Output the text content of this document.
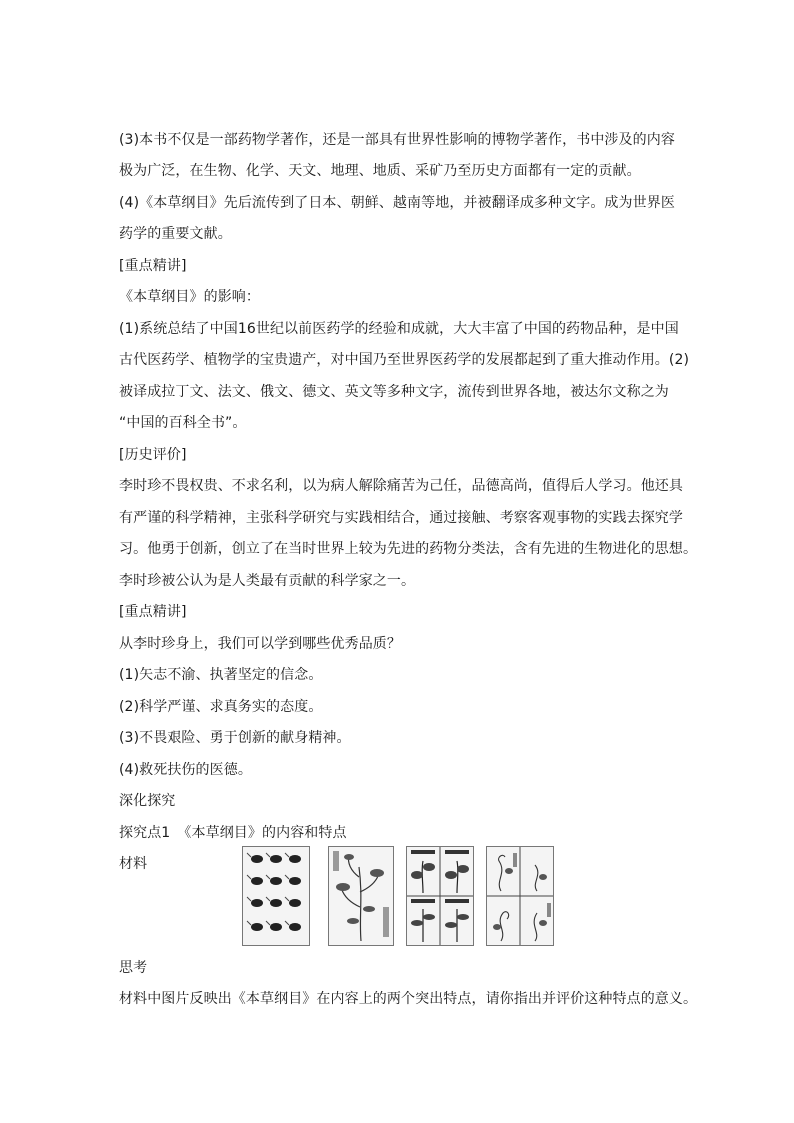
(3)本书不仅是一部药物学著作，还是一部具有世界性影响的博物学著作，书中涉及的内容
极为广泛，在生物、化学、天文、地理、地质、采矿乃至历史方面都有一定的贡献。
(4)《本草纲目》先后流传到了日本、朝鲜、越南等地，并被翻译成多种文字。成为世界医
药学的重要文献。
[重点精讲]
《本草纲目》的影响：
(1)系统总结了中国16世纪以前医药学的经验和成就，大大丰富了中国的药物品种，是中国
古代医药学、植物学的宝贵遗产，对中国乃至世界医药学的发展都起到了重大推动作用。(2)
被译成拉丁文、法文、俄文、德文、英文等多种文字，流传到世界各地，被达尔文称之为
“中国的百科全书”。
[历史评价]
李时珍不畏权贵、不求名利，以为病人解除痛苦为己任，品德高尚，值得后人学习。他还具
有严谨的科学精神，主张科学研究与实践相结合，通过接触、考察客观事物的实践去探究学
习。他勇于创新，创立了在当时世界上较为先进的药物分类法，含有先进的生物进化的思想。
李时珍被公认为是人类最有贡献的科学家之一。
[重点精讲]
从李时珍身上，我们可以学到哪些优秀品质？
(1)矢志不渝、执著坚定的信念。
(2)科学严谨、求真务实的态度。
(3)不畏艰险、勇于创新的献身精神。
(4)救死扶伤的医德。
深化探究
探究点1　《本草纲目》的内容和特点
材料
思考
材料中图片反映出《本草纲目》在内容上的两个突出特点，请你指出并评价这种特点的意义。
